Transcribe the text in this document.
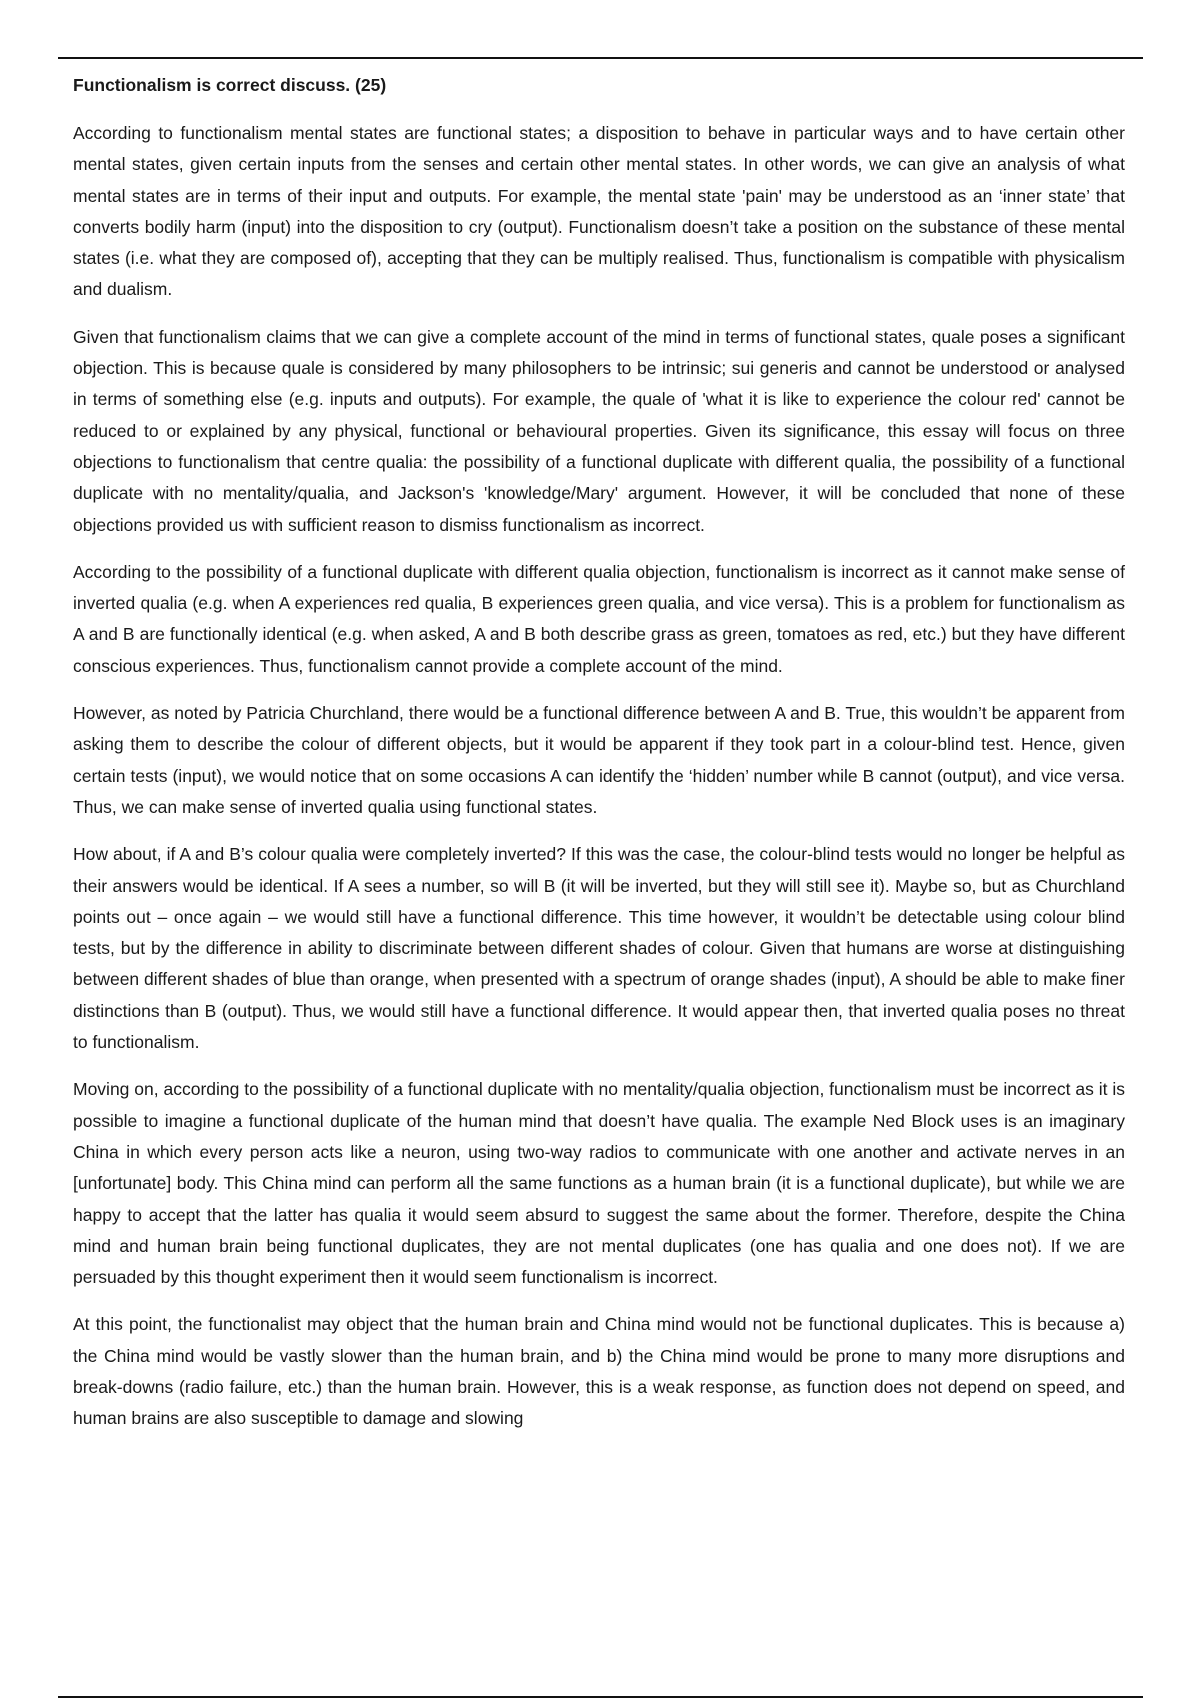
Functionalism is correct discuss. (25)

According to functionalism mental states are functional states; a disposition to behave in particular ways and to have certain other mental states, given certain inputs from the senses and certain other mental states. In other words, we can give an analysis of what mental states are in terms of their input and outputs. For example, the mental state 'pain' may be understood as an ‘inner state’ that converts bodily harm (input) into the disposition to cry (output). Functionalism doesn’t take a position on the substance of these mental states (i.e. what they are composed of), accepting that they can be multiply realised. Thus, functionalism is compatible with physicalism and dualism.

Given that functionalism claims that we can give a complete account of the mind in terms of functional states, quale poses a significant objection. This is because quale is considered by many philosophers to be intrinsic; sui generis and cannot be understood or analysed in terms of something else (e.g. inputs and outputs). For example, the quale of 'what it is like to experience the colour red' cannot be reduced to or explained by any physical, functional or behavioural properties. Given its significance, this essay will focus on three objections to functionalism that centre qualia: the possibility of a functional duplicate with different qualia, the possibility of a functional duplicate with no mentality/qualia, and Jackson's 'knowledge/Mary' argument. However, it will be concluded that none of these objections provided us with sufficient reason to dismiss functionalism as incorrect.

According to the possibility of a functional duplicate with different qualia objection, functionalism is incorrect as it cannot make sense of inverted qualia (e.g. when A experiences red qualia, B experiences green qualia, and vice versa). This is a problem for functionalism as A and B are functionally identical (e.g. when asked, A and B both describe grass as green, tomatoes as red, etc.) but they have different conscious experiences. Thus, functionalism cannot provide a complete account of the mind.

However, as noted by Patricia Churchland, there would be a functional difference between A and B. True, this wouldn’t be apparent from asking them to describe the colour of different objects, but it would be apparent if they took part in a colour-blind test. Hence, given certain tests (input), we would notice that on some occasions A can identify the ‘hidden’ number while B cannot (output), and vice versa. Thus, we can make sense of inverted qualia using functional states.

How about, if A and B’s colour qualia were completely inverted? If this was the case, the colour-blind tests would no longer be helpful as their answers would be identical. If A sees a number, so will B (it will be inverted, but they will still see it). Maybe so, but as Churchland points out – once again – we would still have a functional difference. This time however, it wouldn’t be detectable using colour blind tests, but by the difference in ability to discriminate between different shades of colour. Given that humans are worse at distinguishing between different shades of blue than orange, when presented with a spectrum of orange shades (input), A should be able to make finer distinctions than B (output). Thus, we would still have a functional difference. It would appear then, that inverted qualia poses no threat to functionalism.

Moving on, according to the possibility of a functional duplicate with no mentality/qualia objection, functionalism must be incorrect as it is possible to imagine a functional duplicate of the human mind that doesn’t have qualia. The example Ned Block uses is an imaginary China in which every person acts like a neuron, using two-way radios to communicate with one another and activate nerves in an [unfortunate] body. This China mind can perform all the same functions as a human brain (it is a functional duplicate), but while we are happy to accept that the latter has qualia it would seem absurd to suggest the same about the former. Therefore, despite the China mind and human brain being functional duplicates, they are not mental duplicates (one has qualia and one does not). If we are persuaded by this thought experiment then it would seem functionalism is incorrect.

At this point, the functionalist may object that the human brain and China mind would not be functional duplicates. This is because a) the China mind would be vastly slower than the human brain, and b) the China mind would be prone to many more disruptions and break-downs (radio failure, etc.) than the human brain. However, this is a weak response, as function does not depend on speed, and human brains are also susceptible to damage and slowing
